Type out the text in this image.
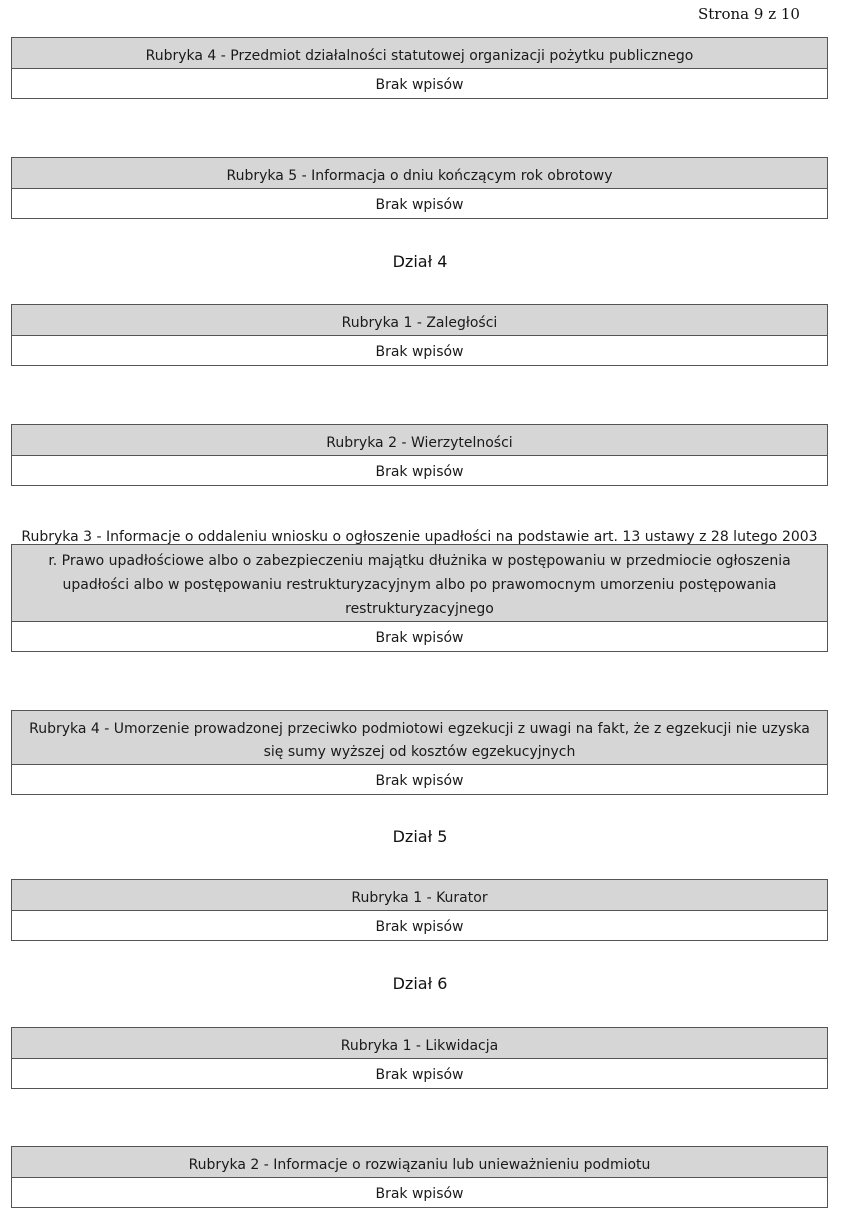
Strona 9 z 10
Rubryka 4 - Przedmiot działalności statutowej organizacji pożytku publicznego
Brak wpisów
Rubryka 5 - Informacja o dniu kończącym rok obrotowy
Brak wpisów
Dział 4
Rubryka 1 - Zaległości
Brak wpisów
Rubryka 2 - Wierzytelności
Brak wpisów
Rubryka 3 - Informacje o oddaleniu wniosku o ogłoszenie upadłości na podstawie art. 13 ustawy z 28 lutego 2003 r. Prawo upadłościowe albo o zabezpieczeniu majątku dłużnika w postępowaniu w przedmiocie ogłoszenia upadłości albo w postępowaniu restrukturyzacyjnym albo po prawomocnym umorzeniu postępowania restrukturyzacyjnego
Brak wpisów
Rubryka 4 - Umorzenie prowadzonej przeciwko podmiotowi egzekucji z uwagi na fakt, że z egzekucji nie uzyska się sumy wyższej od kosztów egzekucyjnych
Brak wpisów
Dział 5
Rubryka 1 - Kurator
Brak wpisów
Dział 6
Rubryka 1 - Likwidacja
Brak wpisów
Rubryka 2 - Informacje o rozwiązaniu lub unieważnieniu podmiotu
Brak wpisów
